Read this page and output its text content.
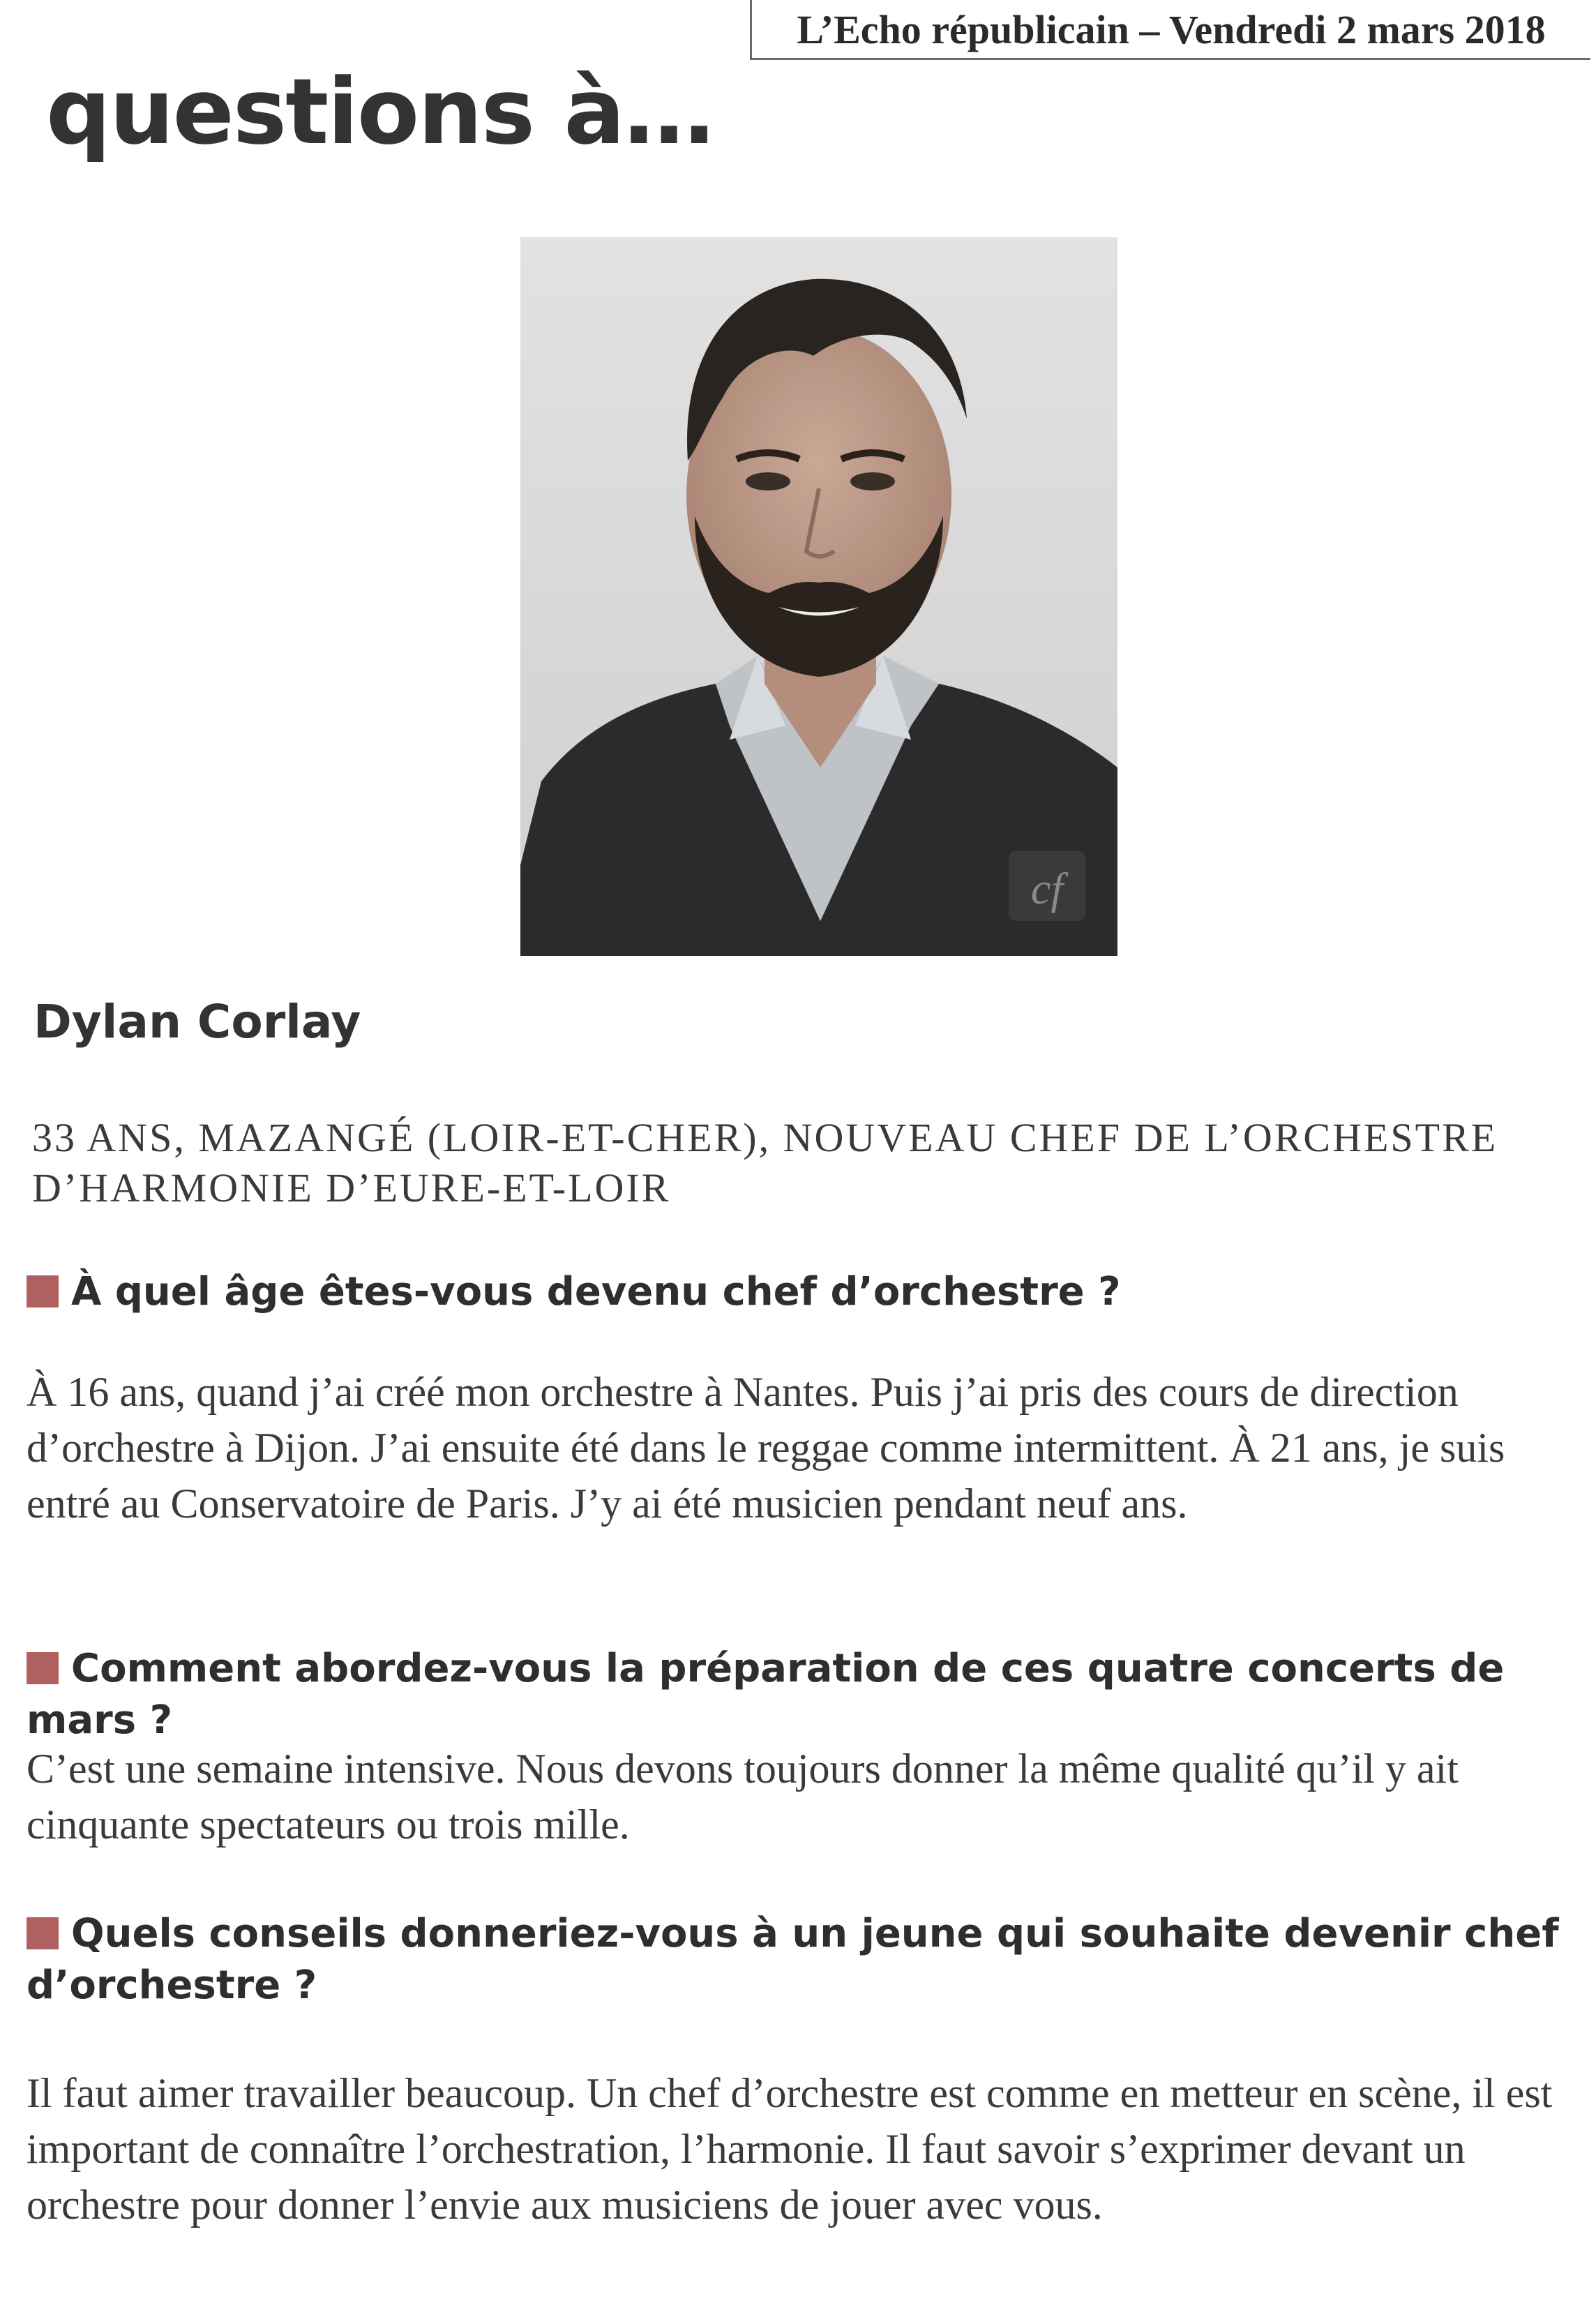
L’Echo républicain – Vendredi 2 mars 2018
questions à…
cf
Dylan Corlay
33 ANS, MAZANGÉ (LOIR-ET-CHER), NOUVEAU CHEF DE L’ORCHESTRE D’HARMONIE D’EURE-ET-LOIR
À quel âge êtes-vous devenu chef d’orchestre ?
À 16 ans, quand j’ai créé mon orchestre à Nantes. Puis j’ai pris des cours de direction d’orchestre à Dijon. J’ai ensuite été dans le reggae comme intermittent. À 21 ans, je suis entré au Conservatoire de Paris. J’y ai été musicien pendant neuf ans.
Comment abordez-vous la préparation de ces quatre concerts de mars ?
C’est une semaine intensive. Nous devons toujours donner la même qualité qu’il y ait cinquante spectateurs ou trois mille.
Quels conseils donneriez-vous à un jeune qui souhaite devenir chef d’orchestre ?
Il faut aimer travailler beaucoup. Un chef d’orchestre est comme en metteur en scène, il est important de connaître l’orchestration, l’harmonie. Il faut savoir s’exprimer devant un orchestre pour donner l’envie aux musiciens de jouer avec vous.
